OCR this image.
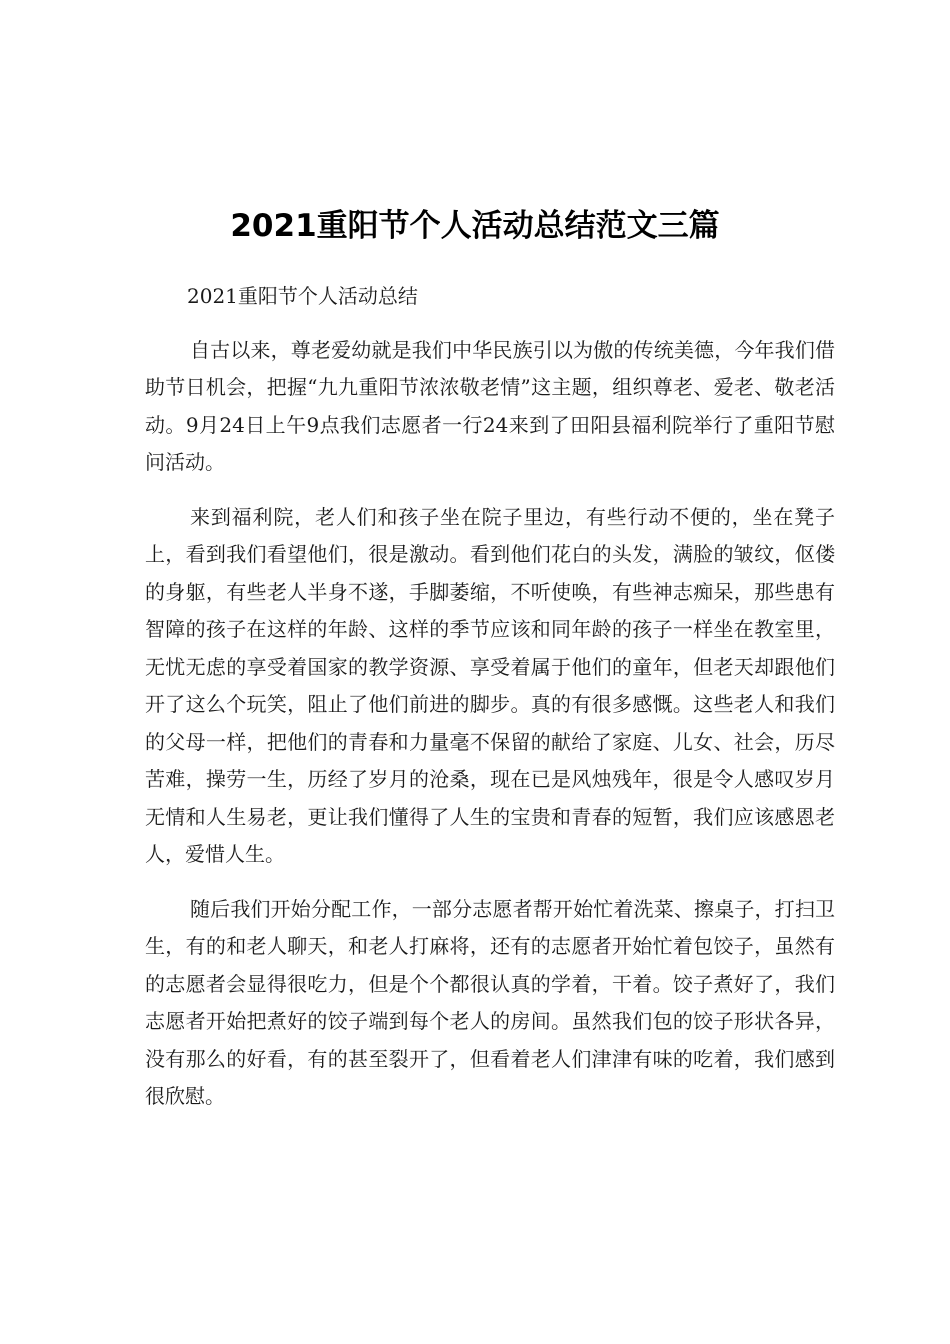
2021重阳节个人活动总结范文三篇

2021重阳节个人活动总结

自古以来，尊老爱幼就是我们中华民族引以为傲的传统美德，今年我们借助节日机会，把握“九九重阳节浓浓敬老情”这主题，组织尊老、爱老、敬老活动。9月24日上午9点我们志愿者一行24来到了田阳县福利院举行了重阳节慰问活动。

来到福利院，老人们和孩子坐在院子里边，有些行动不便的，坐在凳子上，看到我们看望他们，很是激动。看到他们花白的头发，满脸的皱纹，伛偻的身躯，有些老人半身不遂，手脚萎缩，不听使唤，有些神志痴呆，那些患有智障的孩子在这样的年龄、这样的季节应该和同年龄的孩子一样坐在教室里，无忧无虑的享受着国家的教学资源、享受着属于他们的童年，但老天却跟他们开了这么个玩笑，阻止了他们前进的脚步。真的有很多感慨。这些老人和我们的父母一样，把他们的青春和力量毫不保留的献给了家庭、儿女、社会，历尽苦难，操劳一生，历经了岁月的沧桑，现在已是风烛残年，很是令人感叹岁月无情和人生易老，更让我们懂得了人生的宝贵和青春的短暂，我们应该感恩老人，爱惜人生。

随后我们开始分配工作，一部分志愿者帮开始忙着洗菜、擦桌子，打扫卫生，有的和老人聊天，和老人打麻将，还有的志愿者开始忙着包饺子，虽然有的志愿者会显得很吃力，但是个个都很认真的学着，干着。饺子煮好了，我们志愿者开始把煮好的饺子端到每个老人的房间。虽然我们包的饺子形状各异，没有那么的好看，有的甚至裂开了，但看着老人们津津有味的吃着，我们感到很欣慰。
